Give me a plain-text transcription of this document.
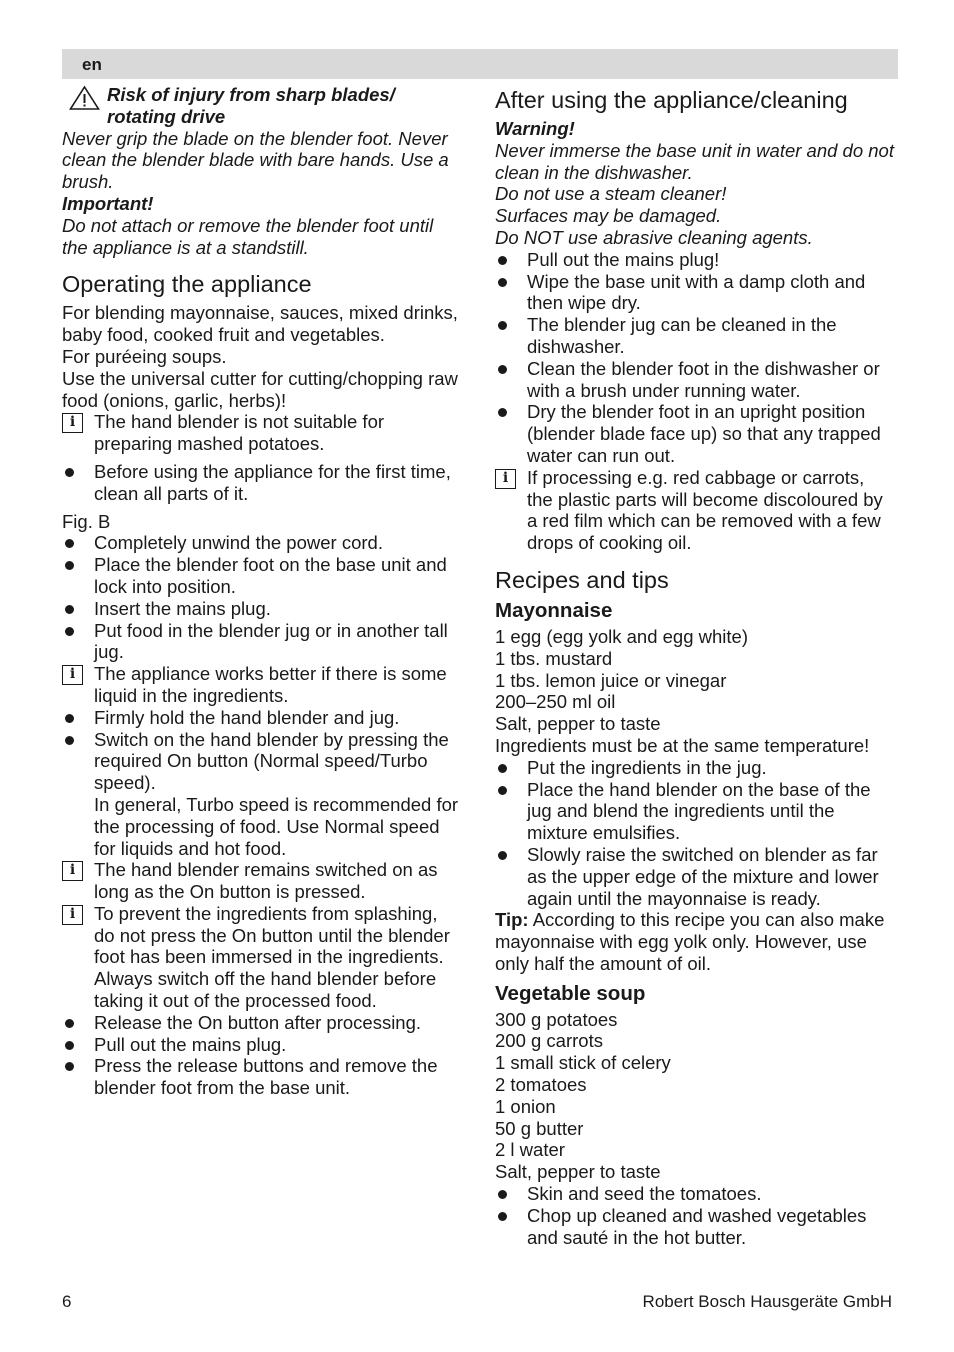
en

Risk of injury from sharp blades/

rotating drive

Never grip the blade on the blender foot. Never clean the blender blade with bare hands. Use a brush.

Important!

Do not attach or remove the blender foot until the appliance is at a standstill.

Operating the appliance

For blending mayonnaise, sauces, mixed drinks, baby food, cooked fruit and vegetables.

For puréeing soups.

Use the universal cutter for cutting/chopping raw food (onions, garlic, herbs)!

i	The hand blender is not suitable for preparing mashed potatoes.
Before using the appliance for the first time, clean all parts of it.

Fig. B

Completely unwind the power cord.
Place the blender foot on the base unit and lock into position.
Insert the mains plug.
Put food in the blender jug or in another tall jug.
i	The appliance works better if there is some liquid in the ingredients.
Firmly hold the hand blender and jug.
Switch on the hand blender by pressing the required On button (Normal speed/Turbo speed).

In general, Turbo speed is recommended for the processing of food. Use Normal speed for liquids and hot food.

i	The hand blender remains switched on as long as the On button is pressed.
i	To prevent the ingredients from splashing, do not press the On button until the blender foot has been immersed in the ingredients. Always switch off the hand blender before taking it out of the processed food.
Release the On button after processing.
Pull out the mains plug.
Press the release buttons and remove the blender foot from the base unit.
After using the appliance/cleaning

Warning!

Never immerse the base unit in water and do not clean in the dishwasher.

Do not use a steam cleaner!

Surfaces may be damaged.

Do NOT use abrasive cleaning agents.

Pull out the mains plug!
Wipe the base unit with a damp cloth and then wipe dry.
The blender jug can be cleaned in the dishwasher.
Clean the blender foot in the dishwasher or with a brush under running water.
Dry the blender foot in an upright position (blender blade face up) so that any trapped water can run out.
i	If processing e.g. red cabbage or carrots, the plastic parts will become discoloured by a red film which can be removed with a few drops of cooking oil.
Recipes and tips
Mayonnaise

1 egg (egg yolk and egg white)

1 tbs. mustard

1 tbs. lemon juice or vinegar

200–250 ml oil

Salt, pepper to taste

Ingredients must be at the same temperature!

Put the ingredients in the jug.
Place the hand blender on the base of the jug and blend the ingredients until the mixture emulsifies.
Slowly raise the switched on blender as far as the upper edge of the mixture and lower again until the mayonnaise is ready.

Tip: According to this recipe you can also make mayonnaise with egg yolk only. However, use only half the amount of oil.

Vegetable soup

300 g potatoes

200 g carrots

1 small stick of celery

2 tomatoes

1 onion

50 g butter

2 l water

Salt, pepper to taste

Skin and seed the tomatoes.
Chop up cleaned and washed vegetables and sauté in the hot butter.
6	Robert Bosch Hausgeräte GmbH
